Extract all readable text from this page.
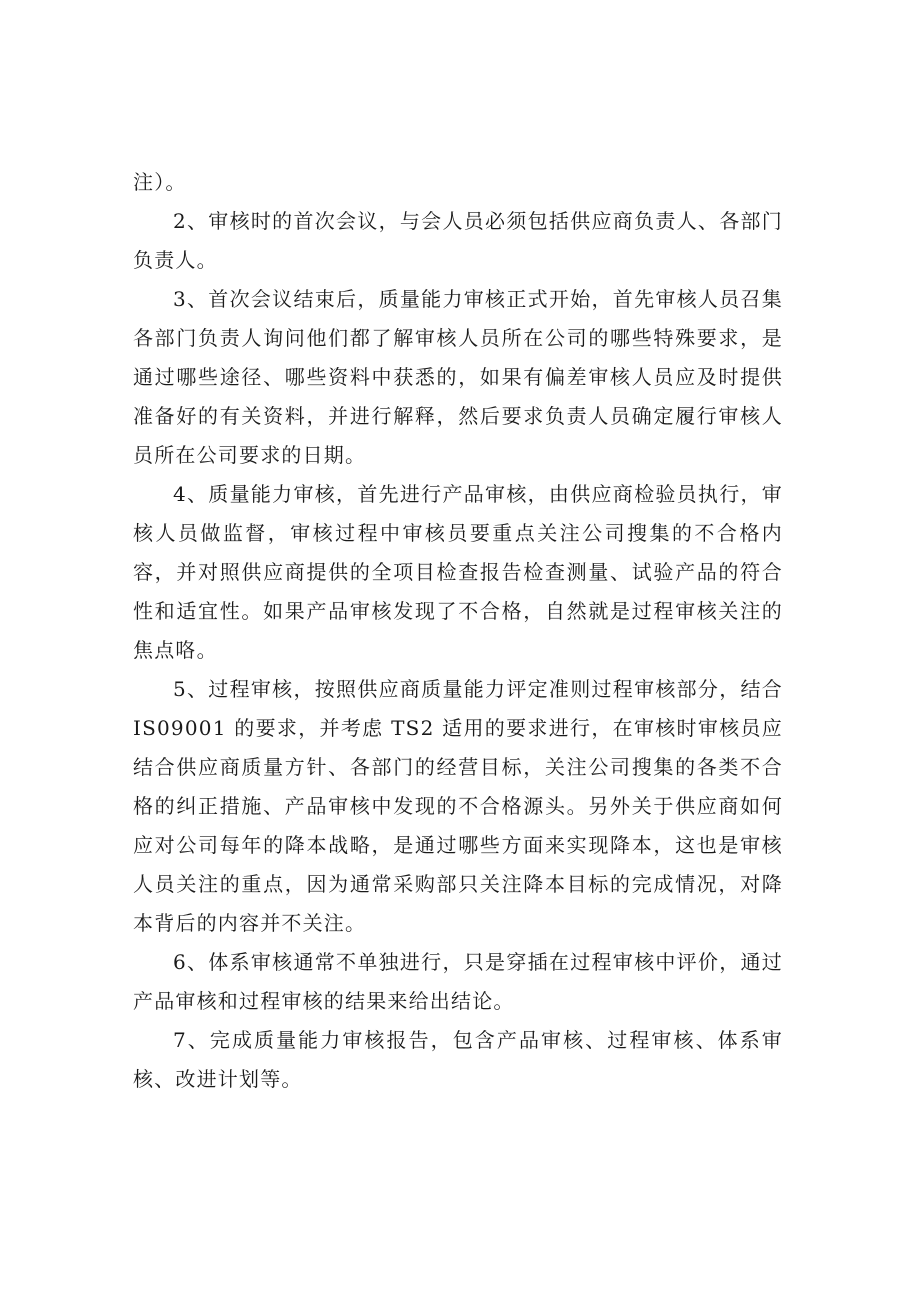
注）。

2、审核时的首次会议，与会人员必须包括供应商负责人、各部门负责人。

3、首次会议结束后，质量能力审核正式开始，首先审核人员召集各部门负责人询问他们都了解审核人员所在公司的哪些特殊要求，是通过哪些途径、哪些资料中获悉的，如果有偏差审核人员应及时提供准备好的有关资料，并进行解释，然后要求负责人员确定履行审核人员所在公司要求的日期。

4、质量能力审核，首先进行产品审核，由供应商检验员执行，审核人员做监督，审核过程中审核员要重点关注公司搜集的不合格内容，并对照供应商提供的全项目检查报告检查测量、试验产品的符合性和适宜性。如果产品审核发现了不合格，自然就是过程审核关注的焦点咯。

5、过程审核，按照供应商质量能力评定准则过程审核部分，结合 IS09001 的要求，并考虑 TS2 适用的要求进行，在审核时审核员应结合供应商质量方针、各部门的经营目标，关注公司搜集的各类不合格的纠正措施、产品审核中发现的不合格源头。另外关于供应商如何应对公司每年的降本战略，是通过哪些方面来实现降本，这也是审核人员关注的重点，因为通常采购部只关注降本目标的完成情况，对降本背后的内容并不关注。

6、体系审核通常不单独进行，只是穿插在过程审核中评价，通过产品审核和过程审核的结果来给出结论。

7、完成质量能力审核报告，包含产品审核、过程审核、体系审核、改进计划等。
